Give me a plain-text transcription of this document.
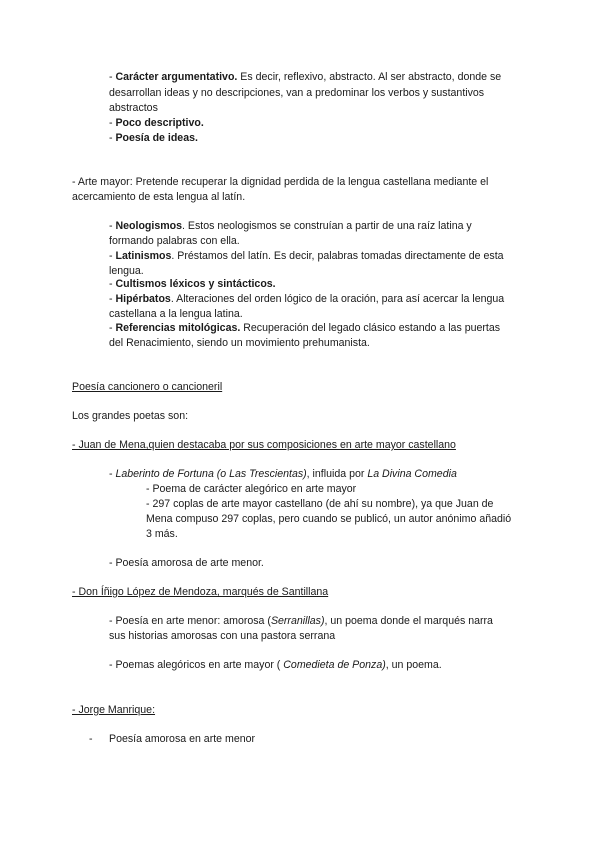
- Carácter argumentativo. Es decir, reflexivo, abstracto. Al ser abstracto, donde se
desarrollan ideas y no descripciones, van a predominar los verbos y sustantivos
abstractos
- Poco descriptivo.
- Poesía de ideas.
- Arte mayor: Pretende recuperar la dignidad perdida de la lengua castellana mediante el
acercamiento de esta lengua al latín.
- Neologismos. Estos neologismos se construían a partir de una raíz latina y
formando palabras con ella.
- Latinismos. Préstamos del latín. Es decir, palabras tomadas directamente de esta
lengua.
- Cultismos léxicos y sintácticos.
- Hipérbatos. Alteraciones del orden lógico de la oración, para así acercar la lengua
castellana a la lengua latina.
- Referencias mitológicas. Recuperación del legado clásico estando a las puertas
del Renacimiento, siendo un movimiento prehumanista.
Poesía cancionero o cancioneril
Los grandes poetas son:
- Juan de Mena,quien destacaba por sus composiciones en arte mayor castellano
- Laberinto de Fortuna (o Las Trescientas), influida por La Divina Comedia
- Poema de carácter alegórico en arte mayor
- 297 coplas de arte mayor castellano (de ahí su nombre), ya que Juan de
Mena compuso 297 coplas, pero cuando se publicó, un autor anónimo añadió
3 más.
- Poesía amorosa de arte menor.
- Don Íñigo López de Mendoza, marqués de Santillana
- Poesía en arte menor: amorosa (Serranillas), un poema donde el marqués narra
sus historias amorosas con una pastora serrana
- Poemas alegóricos en arte mayor ( Comedieta de Ponza), un poema.
- Jorge Manrique:
- Poesía amorosa en arte menor
